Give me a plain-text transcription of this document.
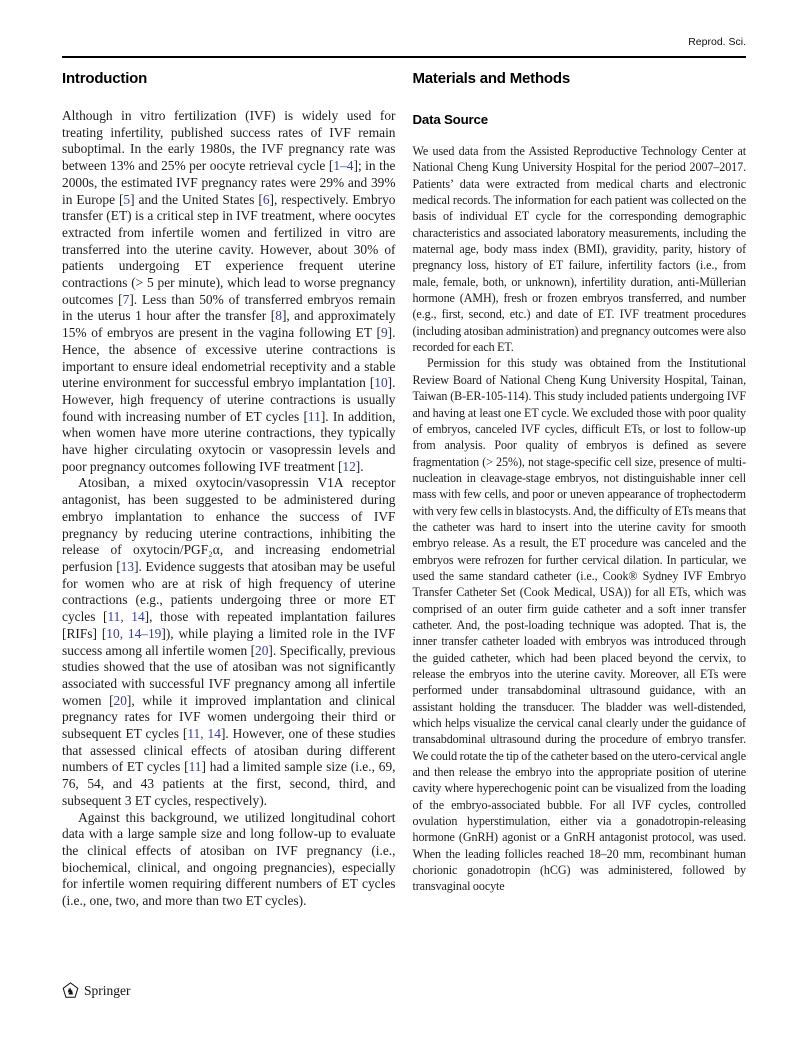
Reprod. Sci.
Introduction

Although in vitro fertilization (IVF) is widely used for treating infertility, published success rates of IVF remain suboptimal. In the early 1980s, the IVF pregnancy rate was between 13% and 25% per oocyte retrieval cycle [1–4]; in the 2000s, the estimated IVF pregnancy rates were 29% and 39% in Europe [5] and the United States [6], respectively. Embryo transfer (ET) is a critical step in IVF treatment, where oocytes extracted from infertile women and fertilized in vitro are transferred into the uterine cavity. However, about 30% of patients undergoing ET experience frequent uterine contractions (> 5 per minute), which lead to worse pregnancy outcomes [7]. Less than 50% of transferred embryos remain in the uterus 1 hour after the transfer [8], and approximately 15% of embryos are present in the vagina following ET [9]. Hence, the absence of excessive uterine contractions is important to ensure ideal endometrial receptivity and a stable uterine environment for successful embryo implantation [10]. However, high frequency of uterine contractions is usually found with increasing number of ET cycles [11]. In addition, when women have more uterine contractions, they typically have higher circulating oxytocin or vasopressin levels and poor pregnancy outcomes following IVF treatment [12].

Atosiban, a mixed oxytocin/vasopressin V1A receptor antagonist, has been suggested to be administered during embryo implantation to enhance the success of IVF pregnancy by reducing uterine contractions, inhibiting the release of oxytocin/PGF₂α, and increasing endometrial perfusion [13]. Evidence suggests that atosiban may be useful for women who are at risk of high frequency of uterine contractions (e.g., patients undergoing three or more ET cycles [11, 14], those with repeated implantation failures [RIFs] [10, 14–19]), while playing a limited role in the IVF success among all infertile women [20]. Specifically, previous studies showed that the use of atosiban was not significantly associated with successful IVF pregnancy among all infertile women [20], while it improved implantation and clinical pregnancy rates for IVF women undergoing their third or subsequent ET cycles [11, 14]. However, one of these studies that assessed clinical effects of atosiban during different numbers of ET cycles [11] had a limited sample size (i.e., 69, 76, 54, and 43 patients at the first, second, third, and subsequent 3 ET cycles, respectively).

Against this background, we utilized longitudinal cohort data with a large sample size and long follow-up to evaluate the clinical effects of atosiban on IVF pregnancy (i.e., biochemical, clinical, and ongoing pregnancies), especially for infertile women requiring different numbers of ET cycles (i.e., one, two, and more than two ET cycles).

Materials and Methods
Data Source

We used data from the Assisted Reproductive Technology Center at National Cheng Kung University Hospital for the period 2007–2017. Patients’ data were extracted from medical charts and electronic medical records. The information for each patient was collected on the basis of individual ET cycle for the corresponding demographic characteristics and associated laboratory measurements, including the maternal age, body mass index (BMI), gravidity, parity, history of pregnancy loss, history of ET failure, infertility factors (i.e., from male, female, both, or unknown), infertility duration, anti-Müllerian hormone (AMH), fresh or frozen embryos transferred, and number (e.g., first, second, etc.) and date of ET. IVF treatment procedures (including atosiban administration) and pregnancy outcomes were also recorded for each ET.

Permission for this study was obtained from the Institutional Review Board of National Cheng Kung University Hospital, Tainan, Taiwan (B-ER-105-114). This study included patients undergoing IVF and having at least one ET cycle. We excluded those with poor quality of embryos, canceled IVF cycles, difficult ETs, or lost to follow-up from analysis. Poor quality of embryos is defined as severe fragmentation (> 25%), not stage-specific cell size, presence of multi-nucleation in cleavage-stage embryos, not distinguishable inner cell mass with few cells, and poor or uneven appearance of trophectoderm with very few cells in blastocysts. And, the difficulty of ETs means that the catheter was hard to insert into the uterine cavity for smooth embryo release. As a result, the ET procedure was canceled and the embryos were refrozen for further cervical dilation. In particular, we used the same standard catheter (i.e., Cook® Sydney IVF Embryo Transfer Catheter Set (Cook Medical, USA)) for all ETs, which was comprised of an outer firm guide catheter and a soft inner transfer catheter. And, the post-loading technique was adopted. That is, the inner transfer catheter loaded with embryos was introduced through the guided catheter, which had been placed beyond the cervix, to release the embryos into the uterine cavity. Moreover, all ETs were performed under transabdominal ultrasound guidance, with an assistant holding the transducer. The bladder was well-distended, which helps visualize the cervical canal clearly under the guidance of transabdominal ultrasound during the procedure of embryo transfer. We could rotate the tip of the catheter based on the utero-cervical angle and then release the embryo into the appropriate position of uterine cavity where hyperechogenic point can be visualized from the loading of the embryo-associated bubble. For all IVF cycles, controlled ovulation hyperstimulation, either via a gonadotropin-releasing hormone (GnRH) agonist or a GnRH antagonist protocol, was used. When the leading follicles reached 18–20 mm, recombinant human chorionic gonadotropin (hCG) was administered, followed by transvaginal oocyte

♞ Springer
